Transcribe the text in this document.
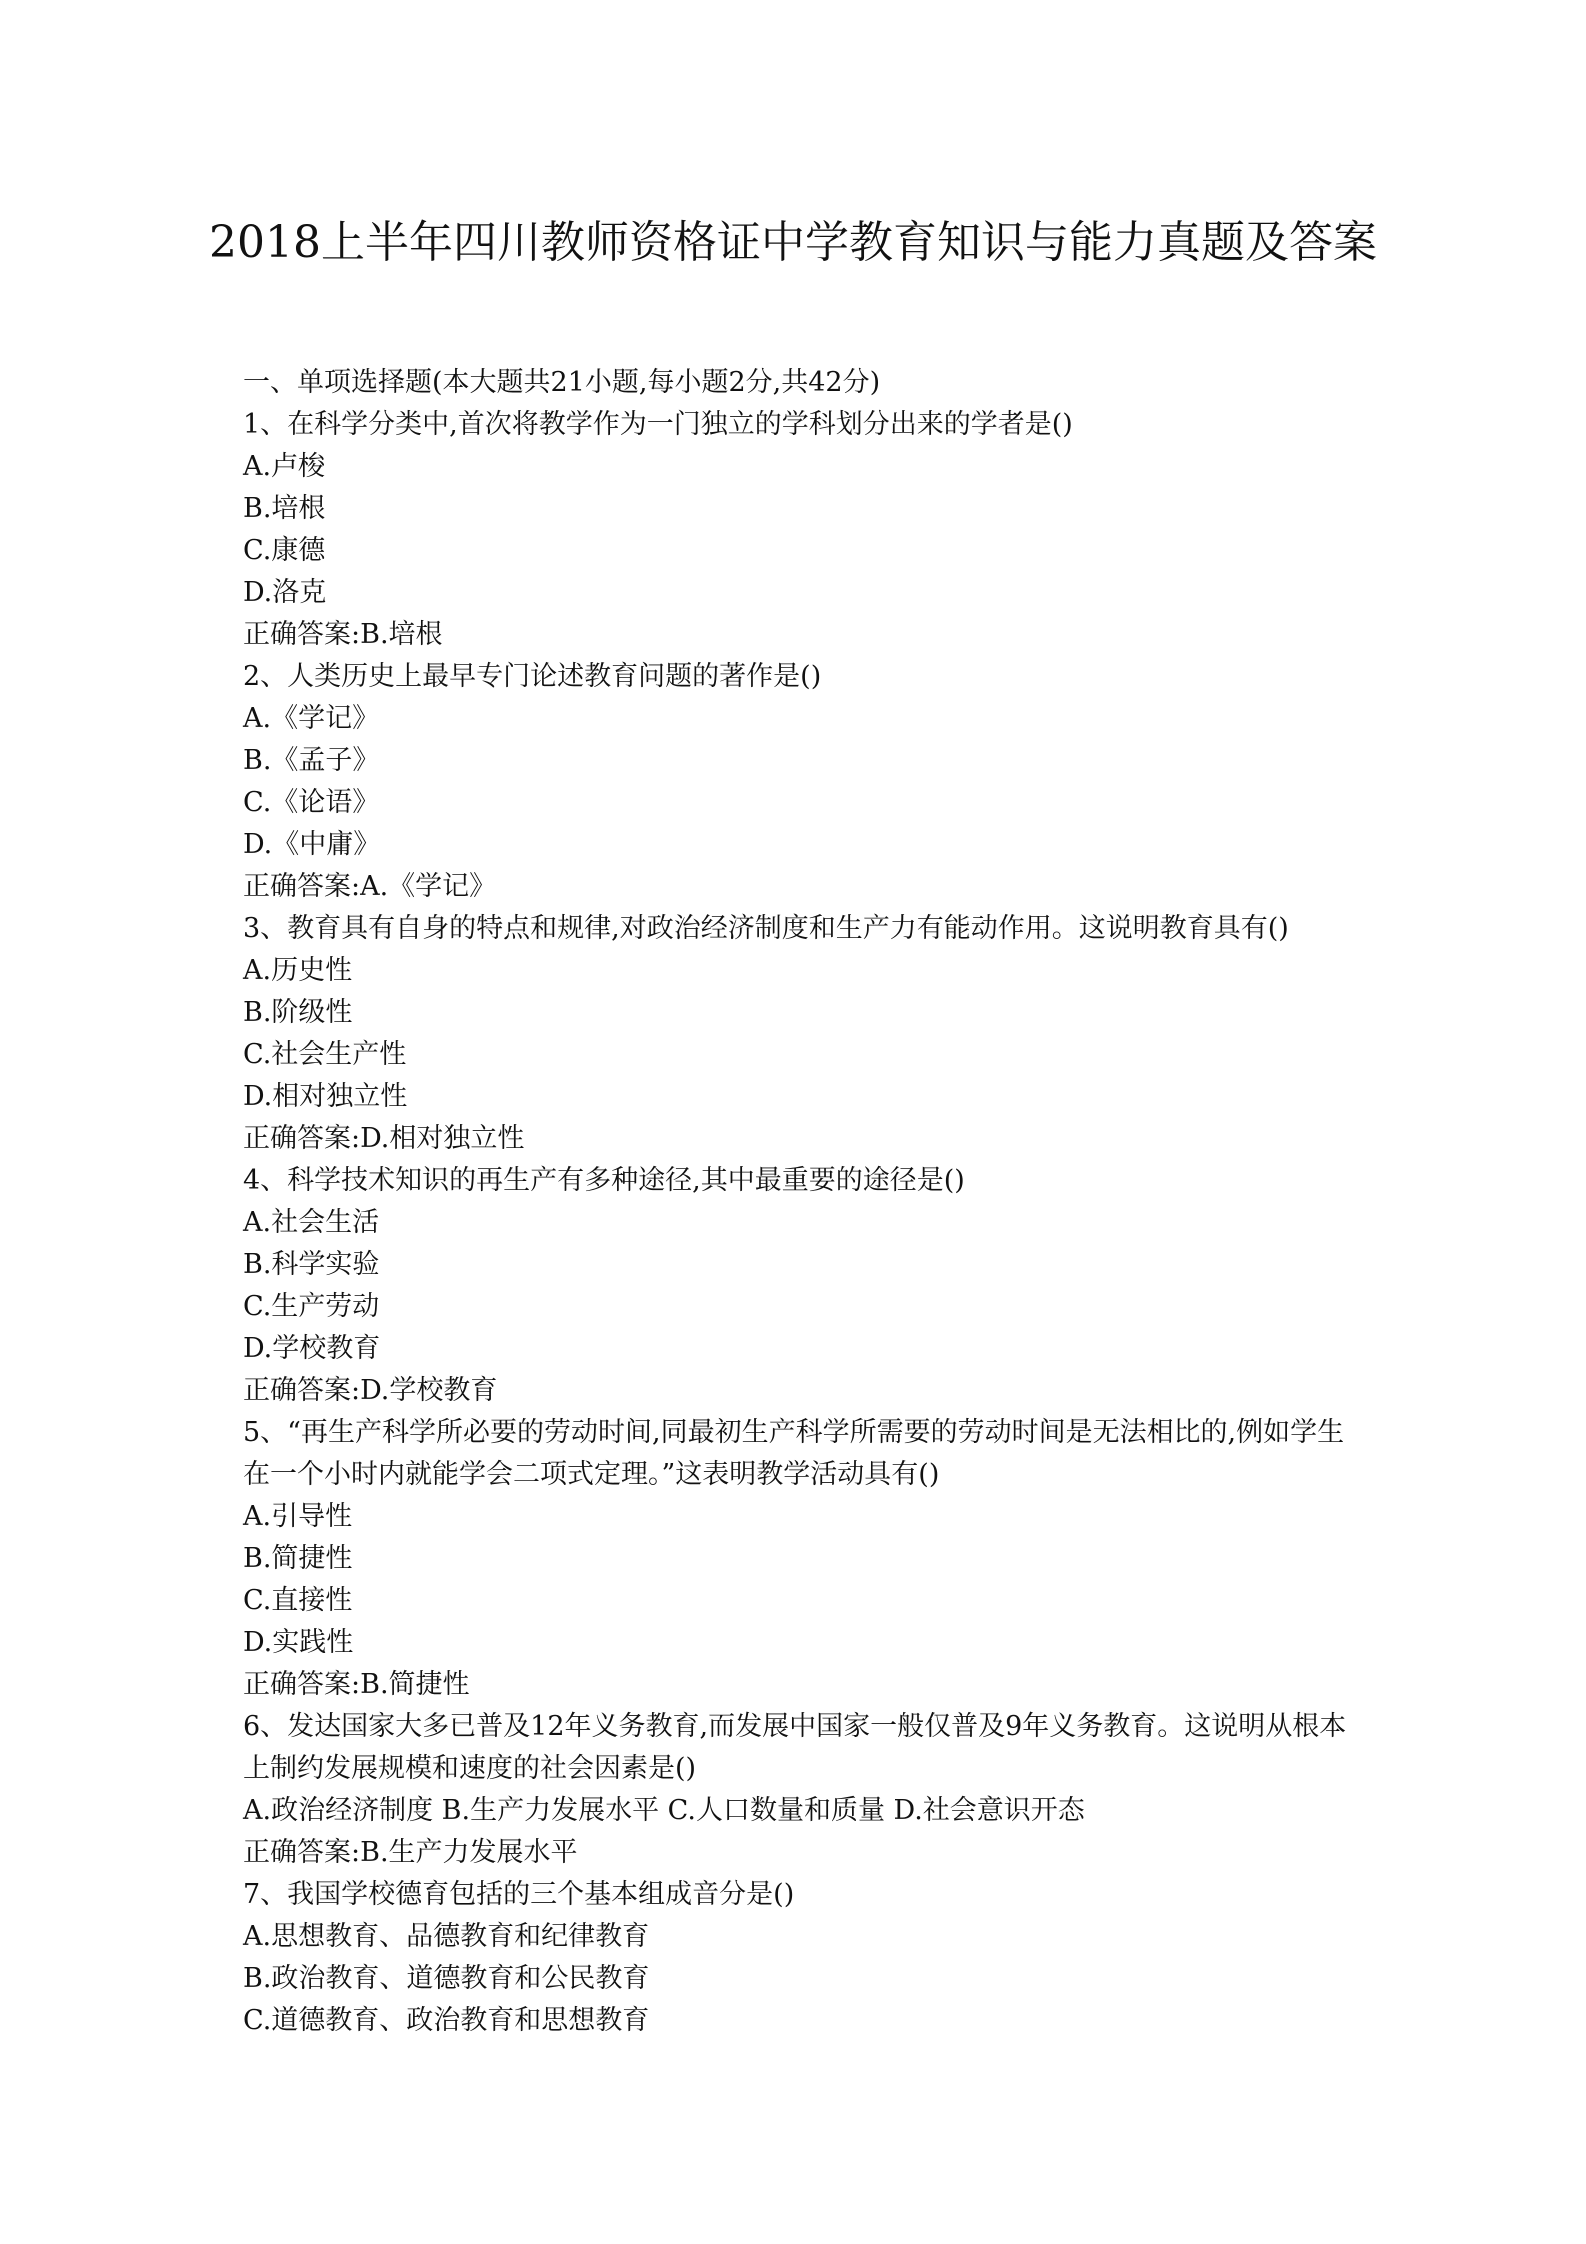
2018上半年四川教师资格证中学教育知识与能力真题及答案

一、单项选择题(本大题共21小题,每小题2分,共42分)

1、在科学分类中,首次将教学作为一门独立的学科划分出来的学者是()

A.卢梭

B.培根

C.康德

D.洛克

正确答案:B.培根

2、人类历史上最早专门论述教育问题的著作是()

A.《学记》

B.《孟子》

C.《论语》

D.《中庸》

正确答案:A.《学记》

3、教育具有自身的特点和规律,对政治经济制度和生产力有能动作用。这说明教育具有()

A.历史性

B.阶级性

C.社会生产性

D.相对独立性

正确答案:D.相对独立性

4、科学技术知识的再生产有多种途径,其中最重要的途径是()

A.社会生活

B.科学实验

C.生产劳动

D.学校教育

正确答案:D.学校教育

5、“再生产科学所必要的劳动时间,同最初生产科学所需要的劳动时间是无法相比的,例如学生在一个小时内就能学会二项式定理。”这表明教学活动具有()

A.引导性

B.简捷性

C.直接性

D.实践性

正确答案:B.简捷性

6、发达国家大多已普及12年义务教育,而发展中国家一般仅普及9年义务教育。这说明从根本上制约发展规模和速度的社会因素是()

A.政治经济制度 B.生产力发展水平 C.人口数量和质量 D.社会意识开态

正确答案:B.生产力发展水平

7、我国学校德育包括的三个基本组成音分是()

A.思想教育、品德教育和纪律教育

B.政治教育、道德教育和公民教育

C.道德教育、政治教育和思想教育
